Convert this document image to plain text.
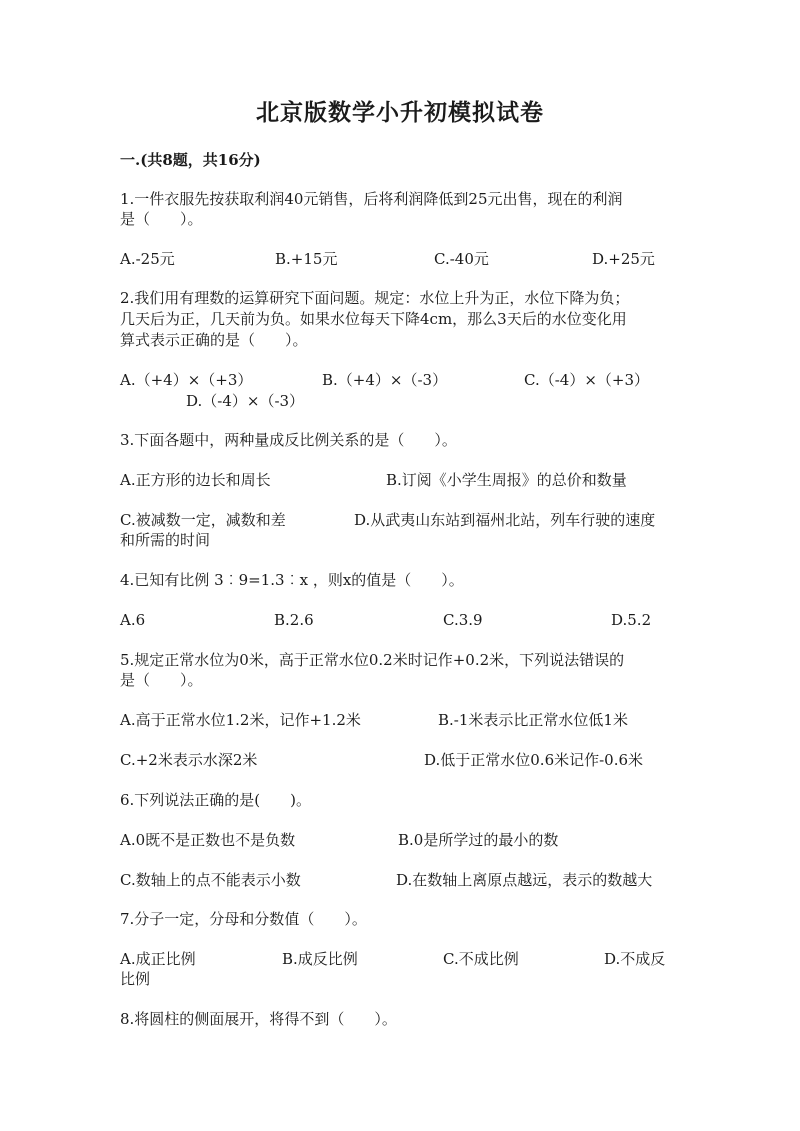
北京版数学小升初模拟试卷
一.(共8题，共16分)
1.一件衣服先按获取利润40元销售，后将利润降低到25元出售，现在的利润
是（　　）。
A.-25元	B.+15元	C.-40元	D.+25元
2.我们用有理数的运算研究下面问题。规定：水位上升为正，水位下降为负；
几天后为正，几天前为负。如果水位每天下降4cm，那么3天后的水位变化用
算式表示正确的是（　　）。
A.（+4）×（+3）	B.（+4）×（-3）	C.（-4）×（+3）
D.（-4）×（-3）
3.下面各题中，两种量成反比例关系的是（　　）。
A.正方形的边长和周长	B.订阅《小学生周报》的总价和数量
C.被减数一定，减数和差	D.从武夷山东站到福州北站，列车行驶的速度
和所需的时间
4.已知有比例 3︰9=1.3︰x ，则x的值是（　　）。
A.6	B.2.6	C.3.9	D.5.2
5.规定正常水位为0米，高于正常水位0.2米时记作+0.2米，下列说法错误的
是（　　）。
A.高于正常水位1.2米，记作+1.2米	B.-1米表示比正常水位低1米
C.+2米表示水深2米	D.低于正常水位0.6米记作-0.6米
6.下列说法正确的是(　　)。
A.0既不是正数也不是负数	B.0是所学过的最小的数
C.数轴上的点不能表示小数	D.在数轴上离原点越远，表示的数越大
7.分子一定，分母和分数值（　　）。
A.成正比例	B.成反比例	C.不成比例	D.不成反
比例
8.将圆柱的侧面展开，将得不到（　　）。
